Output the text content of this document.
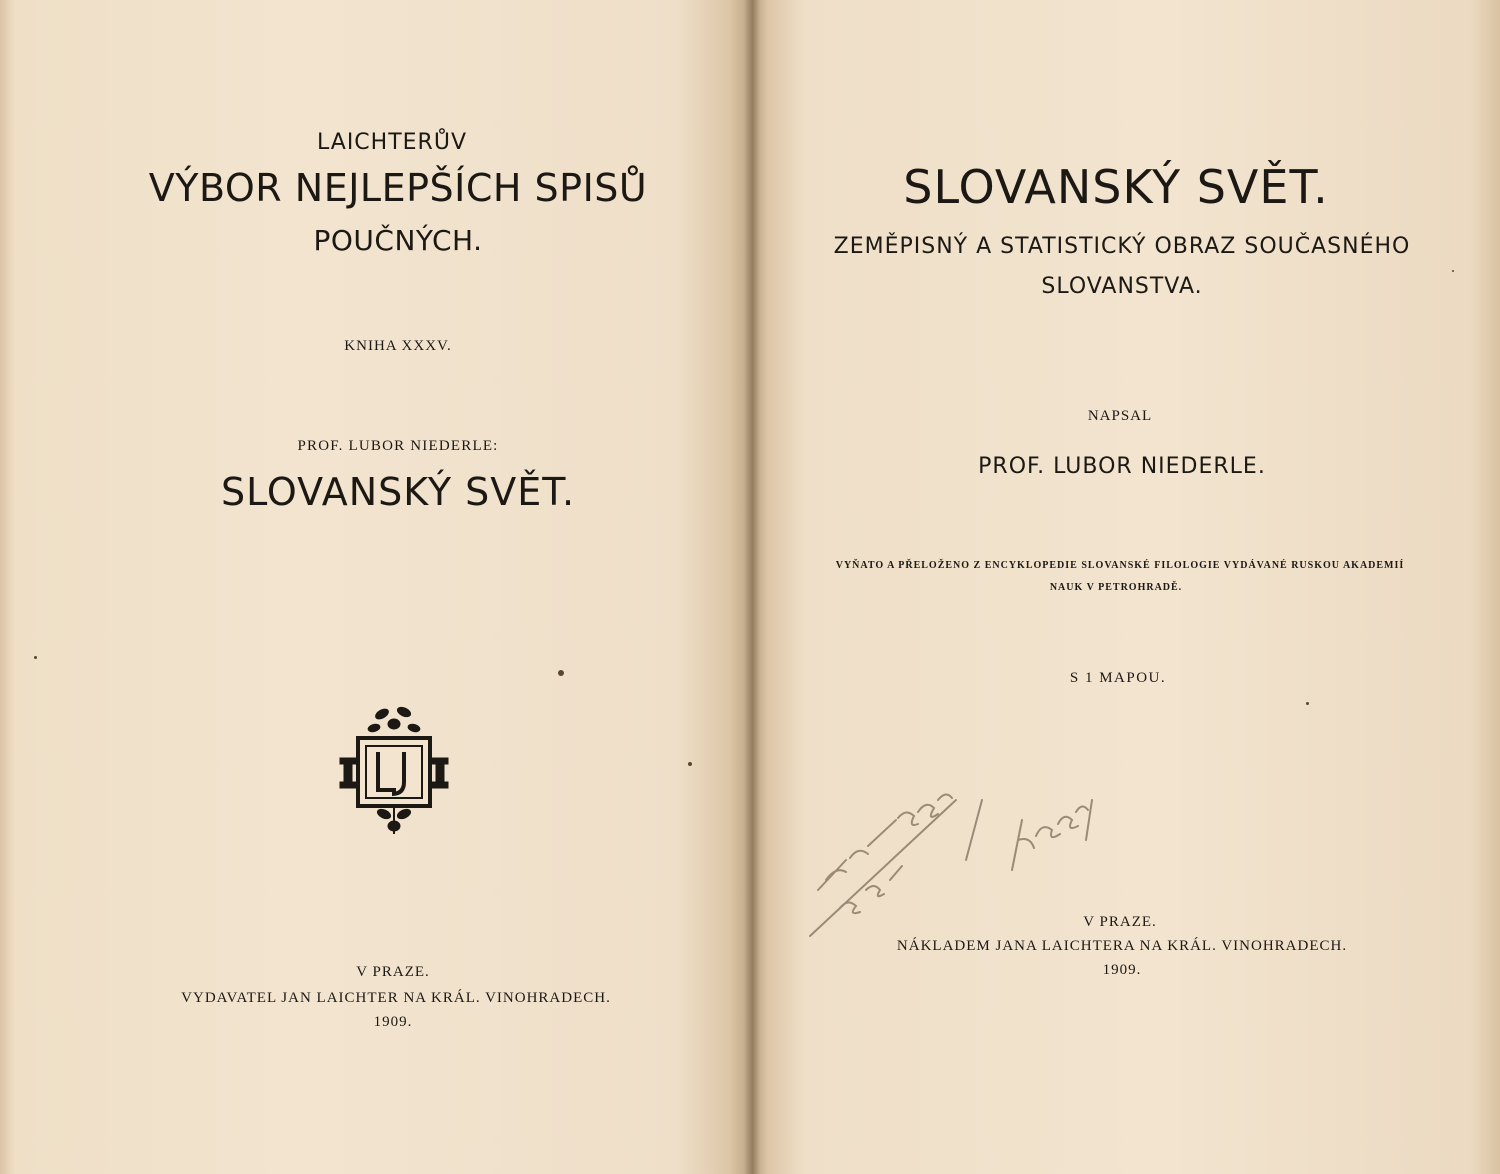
LAICHTERŮV
VÝBOR NEJLEPŠÍCH SPISŮ
POUČNÝCH.
KNIHA XXXV.
PROF. LUBOR NIEDERLE:
SLOVANSKÝ SVĚT.
V PRAZE.
VYDAVATEL JAN LAICHTER NA KRÁL. VINOHRADECH.
1909.
SLOVANSKÝ SVĚT.
ZEMĚPISNÝ A STATISTICKÝ OBRAZ SOUČASNÉHO
SLOVANSTVA.
NAPSAL
PROF. LUBOR NIEDERLE.
VYŇATO A PŘELOŽENO Z ENCYKLOPEDIE SLOVANSKÉ FILOLOGIE VYDÁVANÉ RUSKOU AKADEMIÍ
NAUK V PETROHRADĚ.
S 1 MAPOU.
V PRAZE.
NÁKLADEM JANA LAICHTERA NA KRÁL. VINOHRADECH.
1909.
